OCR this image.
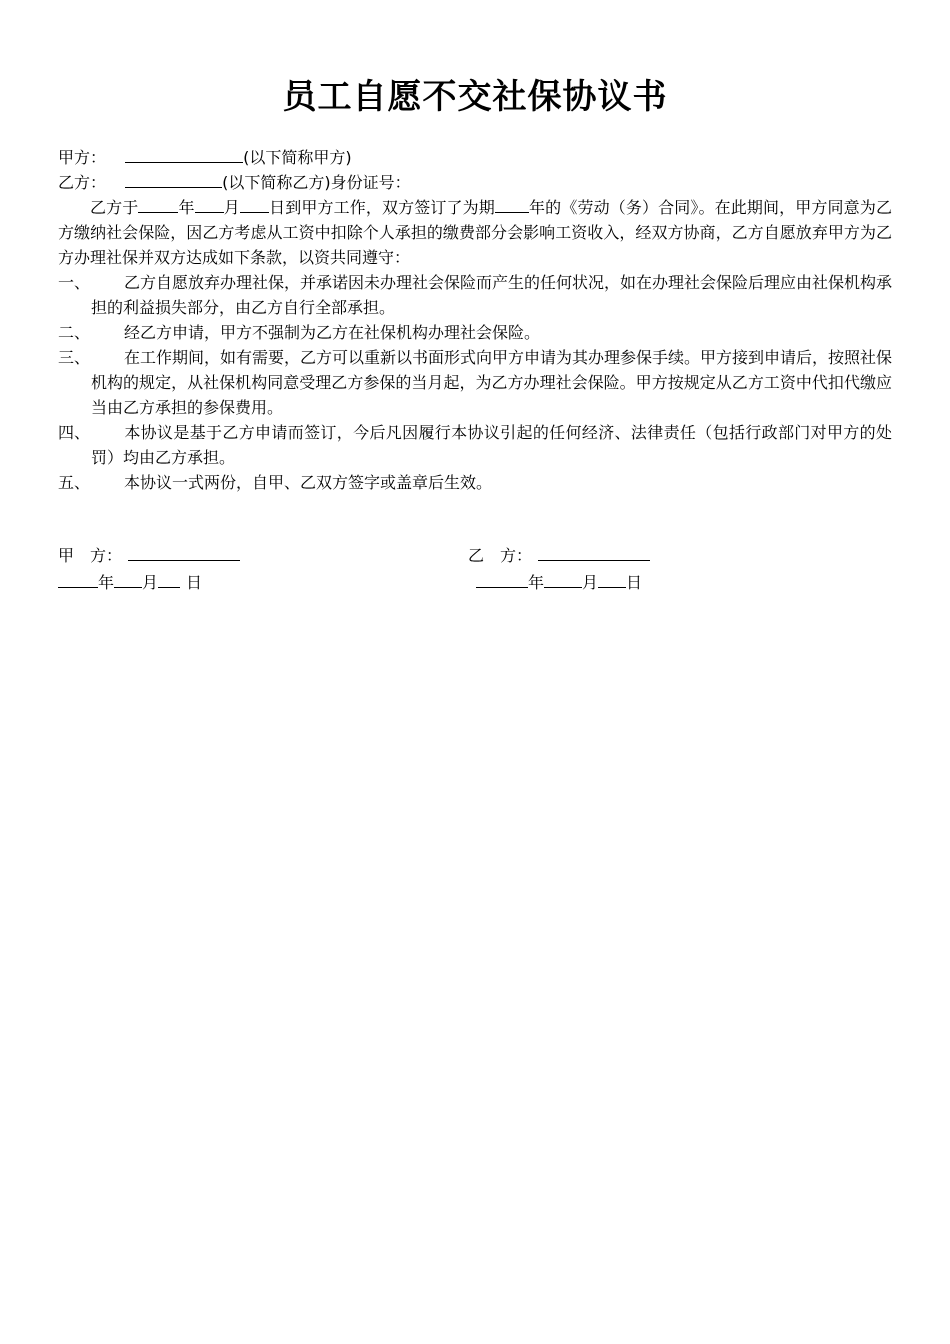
员工自愿不交社保协议书
甲方：	(以下简称甲方)
乙方：	(以下简称乙方)身份证号：
乙方于	年 月 日到甲方工作，双方签订了为期 年的《劳动（务）合同》。在此期间，甲方同意为乙方缴纳社会保险，因乙方考虑从工资中扣除个人承担的缴费部分会影响工资收入，经双方协商，乙方自愿放弃甲方为乙方办理社保并双方达成如下条款，以资共同遵守：
一、 乙方自愿放弃办理社保，并承诺因未办理社会保险而产生的任何状况，如在办理社会保险后理应由社保机构承担的利益损失部分，由乙方自行全部承担。
二、 经乙方申请，甲方不强制为乙方在社保机构办理社会保险。
三、 在工作期间，如有需要，乙方可以重新以书面形式向甲方申请为其办理参保手续。甲方接到申请后，按照社保机构的规定，从社保机构同意受理乙方参保的当月起，为乙方办理社会保险。甲方按规定从乙方工资中代扣代缴应当由乙方承担的参保费用。
四、 本协议是基于乙方申请而签订，今后凡因履行本协议引起的任何经济、法律责任（包括行政部门对甲方的处罚）均由乙方承担。
五、 本协议一式两份，自甲、乙双方签字或盖章后生效。
甲　方：
年 月 日
乙　方：
年 月 日
